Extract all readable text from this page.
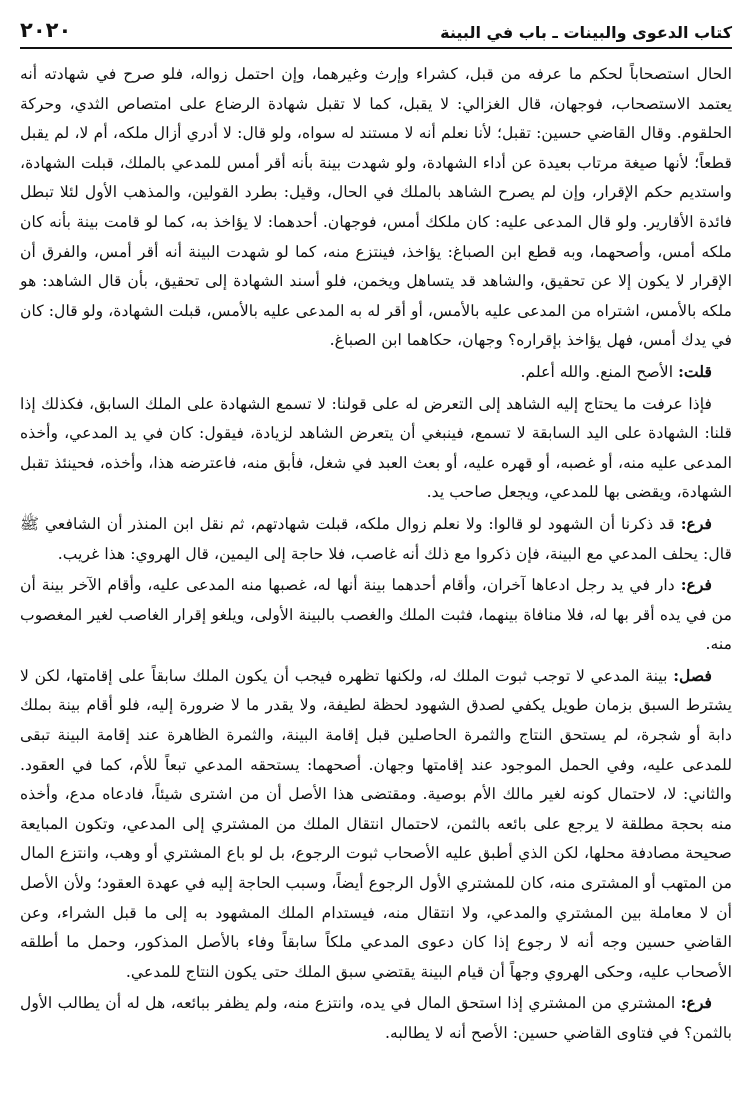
كتاب الدعوى والبينات ـ باب في البينة
٢٠٢٠

الحال استصحاباً لحكم ما عرفه من قبل، كشراء وإرث وغيرهما، وإن احتمل زواله، فلو صرح في شهادته أنه يعتمد الاستصحاب، فوجهان، قال الغزالي: لا يقبل، كما لا تقبل شهادة الرضاع على امتصاص الثدي، وحركة الحلقوم. وقال القاضي حسين: تقبل؛ لأنا نعلم أنه لا مستند له سواه، ولو قال: لا أدري أزال ملكه، أم لا، لم يقبل قطعاً؛ لأنها صيغة مرتاب بعيدة عن أداء الشهادة، ولو شهدت بينة بأنه أقر أمس للمدعي بالملك، قبلت الشهادة، واستديم حكم الإقرار، وإن لم يصرح الشاهد بالملك في الحال، وقيل: بطرد القولين، والمذهب الأول لئلا تبطل فائدة الأقارير. ولو قال المدعى عليه: كان ملكك أمس، فوجهان. أحدهما: لا يؤاخذ به، كما لو قامت بينة بأنه كان ملكه أمس، وأصحهما، وبه قطع ابن الصباغ: يؤاخذ، فينتزع منه، كما لو شهدت البينة أنه أقر أمس، والفرق أن الإقرار لا يكون إلا عن تحقيق، والشاهد قد يتساهل ويخمن، فلو أسند الشهادة إلى تحقيق، بأن قال الشاهد: هو ملكه بالأمس، اشتراه من المدعى عليه بالأمس، أو أقر له به المدعى عليه بالأمس، قبلت الشهادة، ولو قال: كان في يدك أمس، فهل يؤاخذ بإقراره؟ وجهان، حكاهما ابن الصباغ.

قلت: الأصح المنع. والله أعلم.

فإذا عرفت ما يحتاج إليه الشاهد إلى التعرض له على قولنا: لا تسمع الشهادة على الملك السابق، فكذلك إذا قلنا: الشهادة على اليد السابقة لا تسمع، فينبغي أن يتعرض الشاهد لزيادة، فيقول: كان في يد المدعي، وأخذه المدعى عليه منه، أو غصبه، أو قهره عليه، أو بعث العبد في شغل، فأبق منه، فاعترضه هذا، وأخذه، فحينئذ تقبل الشهادة، ويقضى بها للمدعي، ويجعل صاحب يد.

فرع: قد ذكرنا أن الشهود لو قالوا: ولا نعلم زوال ملكه، قبلت شهادتهم، ثم نقل ابن المنذر أن الشافعي ﷺ قال: يحلف المدعي مع البينة، فإن ذكروا مع ذلك أنه غاصب، فلا حاجة إلى اليمين، قال الهروي: هذا غريب.

فرع: دار في يد رجل ادعاها آخران، وأقام أحدهما بينة أنها له، غصبها منه المدعى عليه، وأقام الآخر بينة أن من في يده أقر بها له، فلا منافاة بينهما، فثبت الملك والغصب بالبينة الأولى، ويلغو إقرار الغاصب لغير المغصوب منه.

فصل: بينة المدعي لا توجب ثبوت الملك له، ولكنها تظهره فيجب أن يكون الملك سابقاً على إقامتها، لكن لا يشترط السبق بزمان طويل يكفي لصدق الشهود لحظة لطيفة، ولا يقدر ما لا ضرورة إليه، فلو أقام بينة بملك دابة أو شجرة، لم يستحق النتاج والثمرة الحاصلين قبل إقامة البينة، والثمرة الظاهرة عند إقامة البينة تبقى للمدعى عليه، وفي الحمل الموجود عند إقامتها وجهان. أصحهما: يستحقه المدعي تبعاً للأم، كما في العقود. والثاني: لا، لاحتمال كونه لغير مالك الأم بوصية. ومقتضى هذا الأصل أن من اشترى شيئاً، فادعاه مدع، وأخذه منه بحجة مطلقة لا يرجع على بائعه بالثمن، لاحتمال انتقال الملك من المشتري إلى المدعي، وتكون المبايعة صحيحة مصادفة محلها، لكن الذي أطبق عليه الأصحاب ثبوت الرجوع، بل لو باع المشتري أو وهب، وانتزع المال من المتهب أو المشترى منه، كان للمشتري الأول الرجوع أيضاً، وسبب الحاجة إليه في عهدة العقود؛ ولأن الأصل أن لا معاملة بين المشتري والمدعي، ولا انتقال منه، فيستدام الملك المشهود به إلى ما قبل الشراء، وعن القاضي حسين وجه أنه لا رجوع إذا كان دعوى المدعي ملكاً سابقاً وفاء بالأصل المذكور، وحمل ما أطلقه الأصحاب عليه، وحكى الهروي وجهاً أن قيام البينة يقتضي سبق الملك حتى يكون النتاج للمدعي.

فرع: المشتري من المشتري إذا استحق المال في يده، وانتزع منه، ولم يظفر ببائعه، هل له أن يطالب الأول بالثمن؟ في فتاوى القاضي حسين: الأصح أنه لا يطالبه.
